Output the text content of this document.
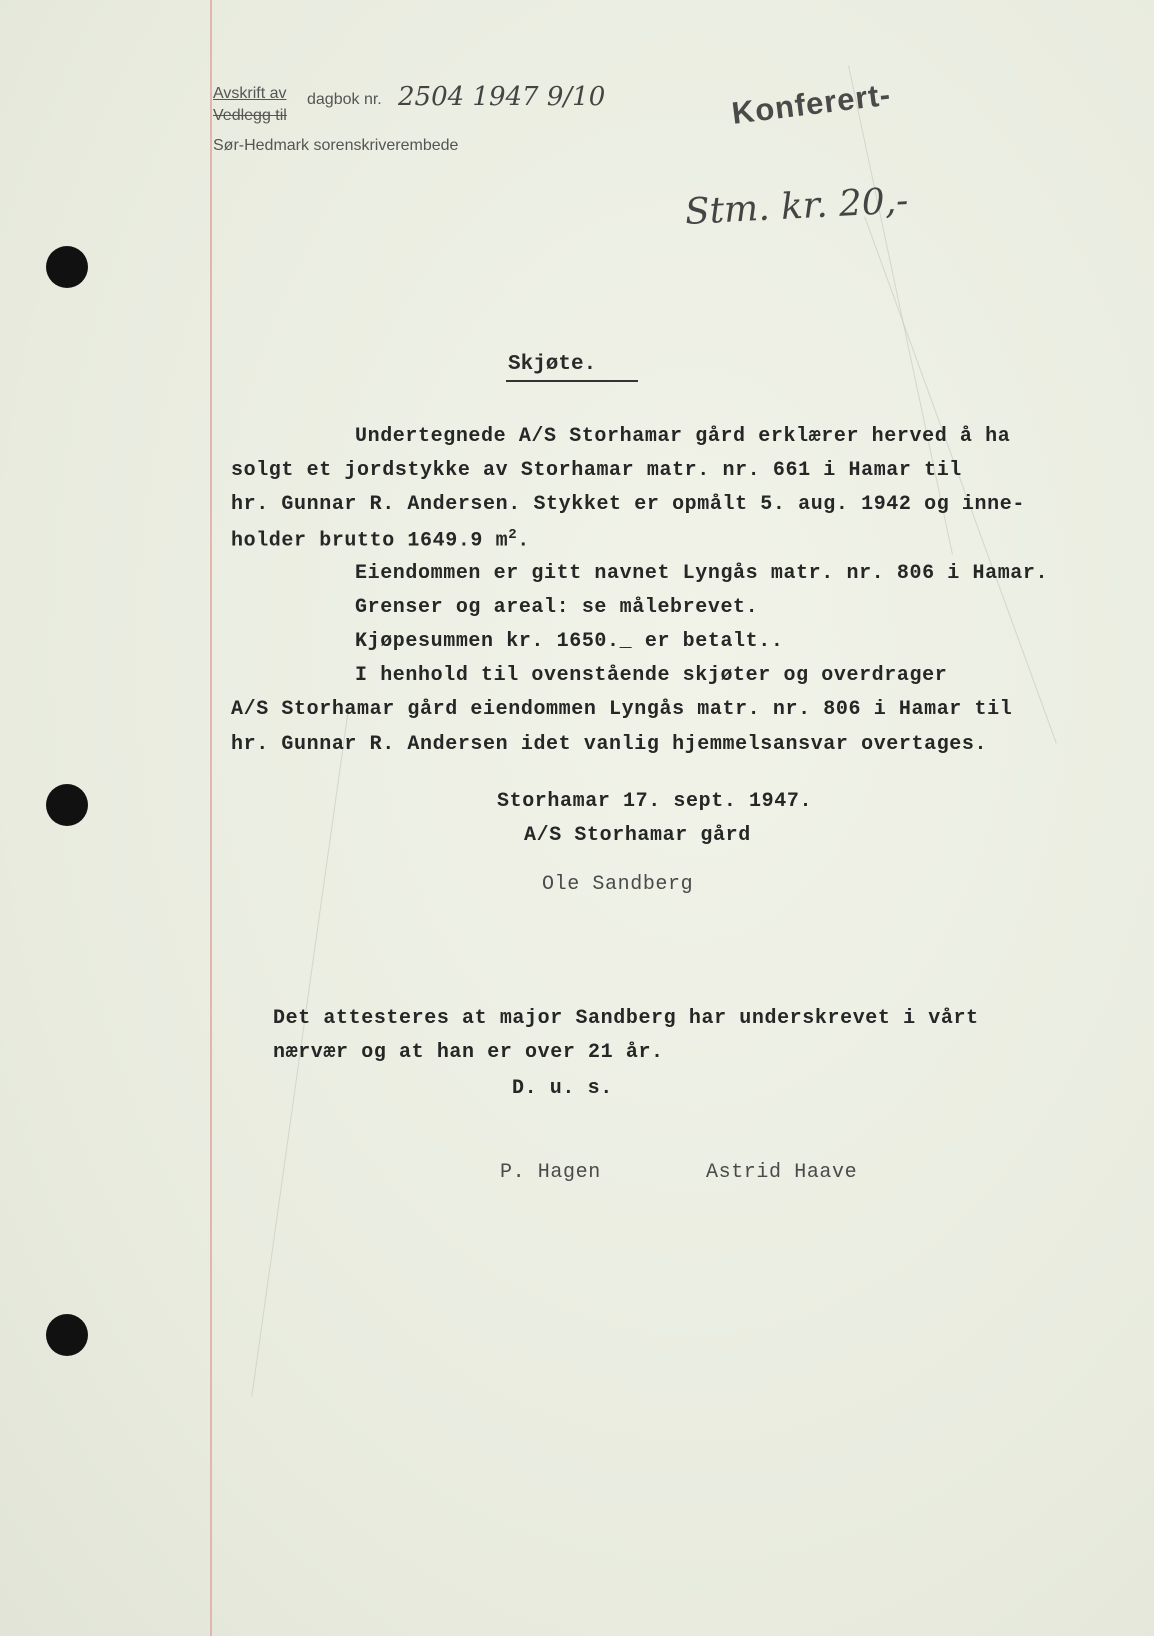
Avskrift av dagbok nr.
Vedlegg til
Sør-Hedmark sorenskriverembede
2504 1947 9/10	Konferert-
Stm. kr. 20,-
Skjøte.
Undertegnede A/S Storhamar gård erklærer herved å ha
solgt et jordstykke av Storhamar matr. nr. 661 i Hamar til
hr. Gunnar R. Andersen. Stykket er opmålt 5. aug. 1942 og inne-
holder brutto 1649.9 $m^2$.
Eiendommen er gitt navnet Lyngås matr. nr. 806 i Hamar.
Grenser og areal: se målebrevet.
Kjøpesummen kr. 1650._ er betalt..
I henhold til ovenstående skjøter og overdrager
A/S Storhamar gård eiendommen Lyngås matr. nr. 806 i Hamar til
hr. Gunnar R. Andersen idet vanlig hjemmelsansvar overtages.
Storhamar 17. sept. 1947.
A/S Storhamar gård
Ole Sandberg
Det attesteres at major Sandberg har underskrevet i vårt
nærvær og at han er over 21 år.
D. u. s.
P. Hagen	Astrid Haave
